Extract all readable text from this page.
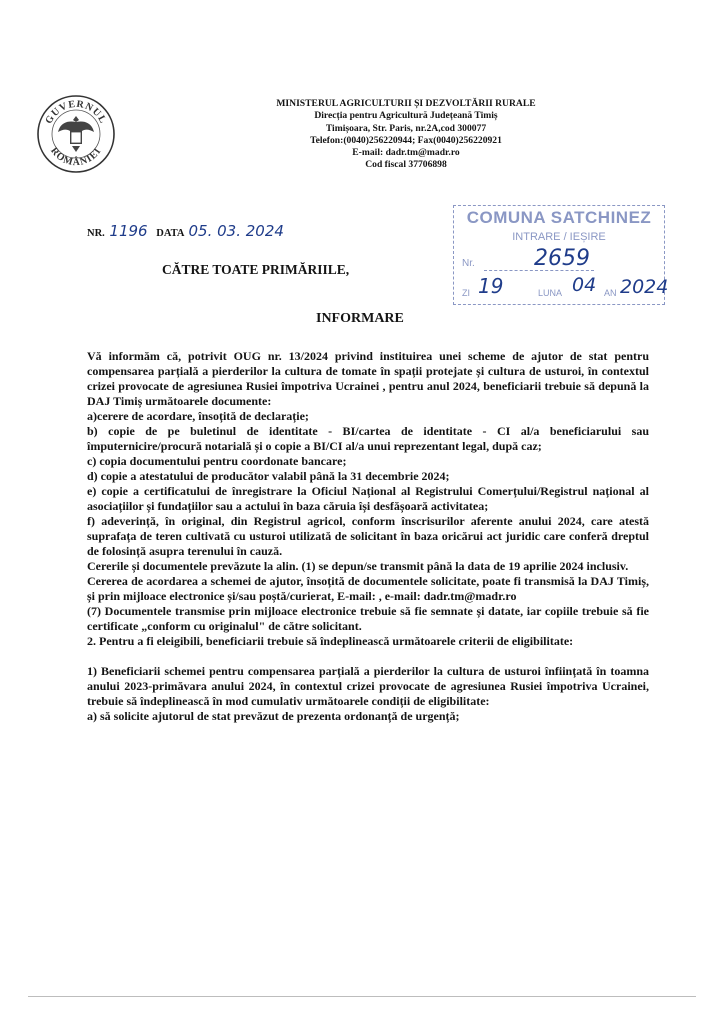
GUVERNUL
ROMÂNIEI
MINISTERUL AGRICULTURII ȘI DEZVOLTĂRII RURALE
Direcția pentru Agricultură Județeană Timiș
Timișoara, Str. Paris, nr.2A,cod 300077
Telefon:(0040)256220944; Fax(0040)256220921
E-mail: dadr.tm@madr.ro
Cod fiscal 37706898
NR. 1196 DATA 05. 03. 2024
COMUNA SATCHINEZ
INTRARE / IEȘIRE
Nr.	2659
ZI 19	LUNA 04 AN 2024
CĂTRE TOATE PRIMĂRIILE,
INFORMARE

Vă informăm că, potrivit OUG nr. 13/2024 privind instituirea unei scheme de ajutor de stat pentru compensarea parțială a pierderilor la cultura de tomate în spații protejate și cultura de usturoi, în contextul crizei provocate de agresiunea Rusiei împotriva Ucrainei , pentru anul 2024, beneficiarii trebuie să depună la DAJ Timiș următoarele documente:

a)cerere de acordare, însoțită de declarație;

b) copie de pe buletinul de identitate - BI/cartea de identitate - CI al/a beneficiarului sau împuternicire/procură notarială și o copie a BI/CI al/a unui reprezentant legal, după caz;

c) copia documentului pentru coordonate bancare;

d) copie a atestatului de producător valabil până la 31 decembrie 2024;

e) copie a certificatului de înregistrare la Oficiul Național al Registrului Comerțului/Registrul național al asociațiilor și fundațiilor sau a actului în baza căruia își desfășoară activitatea;

f) adeverință, în original, din Registrul agricol, conform înscrisurilor aferente anului 2024, care atestă suprafața de teren cultivată cu usturoi utilizată de solicitant în baza oricărui act juridic care conferă dreptul de folosință asupra terenului în cauză.

Cererile și documentele prevăzute la alin. (1) se depun/se transmit până la data de 19 aprilie 2024 inclusiv.

Cererea de acordarea a schemei de ajutor, însoțită de documentele solicitate, poate fi transmisă la DAJ Timiș, și prin mijloace electronice și/sau poștă/curierat, E-mail: , e-mail: dadr.tm@madr.ro

(7) Documentele transmise prin mijloace electronice trebuie să fie semnate și datate, iar copiile trebuie să fie certificate „conform cu originalul" de către solicitant.

2. Pentru a fi eleigibili, beneficiarii trebuie să îndeplinească următoarele criterii de eligibilitate:

1) Beneficiarii schemei pentru compensarea parțială a pierderilor la cultura de usturoi înființată în toamna anului 2023-primăvara anului 2024, în contextul crizei provocate de agresiunea Rusiei împotriva Ucrainei, trebuie să îndeplinească în mod cumulativ următoarele condiții de eligibilitate:

a) să solicite ajutorul de stat prevăzut de prezenta ordonanță de urgență;
